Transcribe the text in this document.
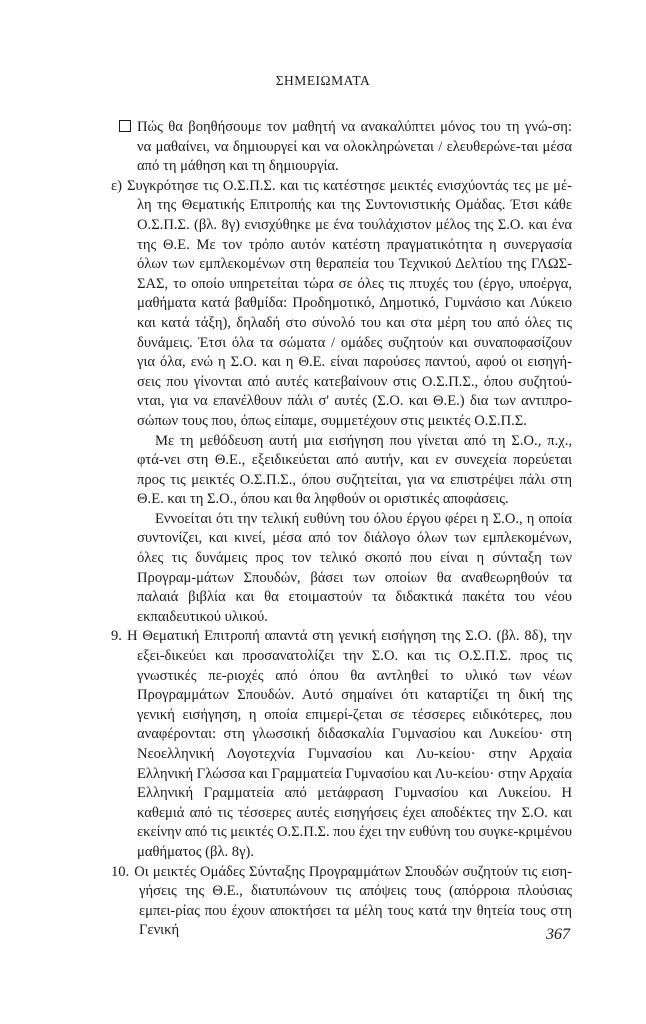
ΣΗΜΕΙΩΜΑΤΑ

Πώς θα βοηθήσουμε τον μαθητή να ανακαλύπτει μόνος του τη γνώ-ση: να μαθαίνει, να δημιουργεί και να ολοκληρώνεται / ελευθερώνε-ται μέσα από τη μάθηση και τη δημιουργία.

ε) Συγκρότησε τις Ο.Σ.Π.Σ. και τις κατέστησε μεικτές ενισχύοντάς τες με μέ-λη της Θεματικής Επιτροπής και της Συντονιστικής Ομάδας. Έτσι κάθε Ο.Σ.Π.Σ. (βλ. 8γ) ενισχύθηκε με ένα τουλάχιστον μέλος της Σ.Ο. και ένα της Θ.Ε. Με τον τρόπο αυτόν κατέστη πραγματικότητα η συνεργασία όλων των εμπλεκομένων στη θεραπεία του Τεχνικού Δελτίου της ΓΛΩΣ-ΣΑΣ, το οποίο υπηρετείται τώρα σε όλες τις πτυχές του (έργο, υποέργα, μαθήματα κατά βαθμίδα: Προδημοτικό, Δημοτικό, Γυμνάσιο και Λύκειο και κατά τάξη), δηλαδή στο σύνολό του και στα μέρη του από όλες τις δυνάμεις. Έτσι όλα τα σώματα / ομάδες συζητούν και συναποφασίζουν για όλα, ενώ η Σ.Ο. και η Θ.Ε. είναι παρούσες παντού, αφού οι εισηγή-σεις που γίνονται από αυτές κατεβαίνουν στις Ο.Σ.Π.Σ., όπου συζητού-νται, για να επανέλθουν πάλι σ' αυτές (Σ.Ο. και Θ.Ε.) δια των αντιπρο-σώπων τους που, όπως είπαμε, συμμετέχουν στις μεικτές Ο.Σ.Π.Σ.

Με τη μεθόδευση αυτή μια εισήγηση που γίνεται από τη Σ.Ο., π.χ., φτά-νει στη Θ.Ε., εξειδικεύεται από αυτήν, και εν συνεχεία πορεύεται προς τις μεικτές Ο.Σ.Π.Σ., όπου συζητείται, για να επιστρέψει πάλι στη Θ.Ε. και τη Σ.Ο., όπου και θα ληφθούν οι οριστικές αποφάσεις.

Εννοείται ότι την τελική ευθύνη του όλου έργου φέρει η Σ.Ο., η οποία συντονίζει, και κινεί, μέσα από τον διάλογο όλων των εμπλεκομένων, όλες τις δυνάμεις προς τον τελικό σκοπό που είναι η σύνταξη των Προγραμ-μάτων Σπουδών, βάσει των οποίων θα αναθεωρηθούν τα παλαιά βιβλία και θα ετοιμαστούν τα διδακτικά πακέτα του νέου εκπαιδευτικού υλικού.

9. Η Θεματική Επιτροπή απαντά στη γενική εισήγηση της Σ.Ο. (βλ. 8δ), την εξει-δικεύει και προσανατολίζει την Σ.Ο. και τις Ο.Σ.Π.Σ. προς τις γνωστικές πε-ριοχές από όπου θα αντληθεί το υλικό των νέων Προγραμμάτων Σπουδών. Αυτό σημαίνει ότι καταρτίζει τη δική της γενική εισήγηση, η οποία επιμερί-ζεται σε τέσσερες ειδικότερες, που αναφέρονται: στη γλωσσική διδασκαλία Γυμνασίου και Λυκείου· στη Νεοελληνική Λογοτεχνία Γυμνασίου και Λυ-κείου· στην Αρχαία Ελληνική Γλώσσα και Γραμματεία Γυμνασίου και Λυ-κείου· στην Αρχαία Ελληνική Γραμματεία από μετάφραση Γυμνασίου και Λυκείου. Η καθεμιά από τις τέσσερες αυτές εισηγήσεις έχει αποδέκτες την Σ.Ο. και εκείνην από τις μεικτές Ο.Σ.Π.Σ. που έχει την ευθύνη του συγκε-κριμένου μαθήματος (βλ. 8γ).

10. Οι μεικτές Ομάδες Σύνταξης Προγραμμάτων Σπουδών συζητούν τις ειση-γήσεις της Θ.Ε., διατυπώνουν τις απόψεις τους (απόρροια πλούσιας εμπει-ρίας που έχουν αποκτήσει τα μέλη τους κατά την θητεία τους στη Γενική	367
